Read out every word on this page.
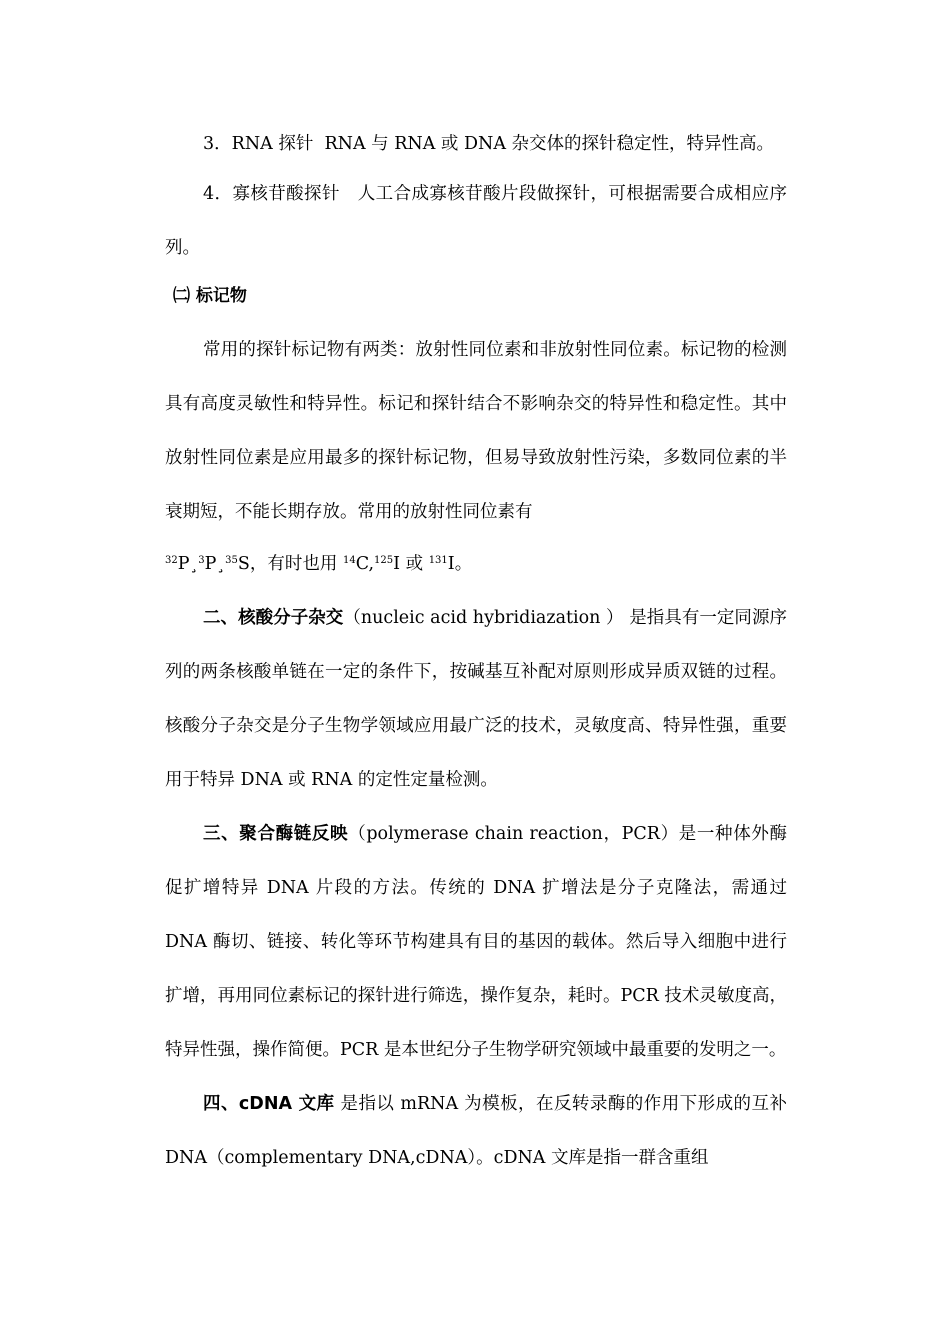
3．RNA 探针 RNA 与 RNA 或 DNA 杂交体的探针稳定性，特异性高。

4．寡核苷酸探针 人工合成寡核苷酸片段做探针，可根据需要合成相应序列。

㈡ 标记物

常用的探针标记物有两类：放射性同位素和非放射性同位素。标记物的检测具有高度灵敏性和特异性。标记和探针结合不影响杂交的特异性和稳定性。其中放射性同位素是应用最多的探针标记物，但易导致放射性污染，多数同位素的半衰期短，不能长期存放。常用的放射性同位素有

$^{32}$P¸$^3$P¸$^{35}$S，有时也用 $^{14}$C,$^{125}$I 或 $^{131}$I。

二、核酸分子杂交（nucleic acid hybridiazation ） 是指具有一定同源序列的两条核酸单链在一定的条件下，按碱基互补配对原则形成异质双链的过程。核酸分子杂交是分子生物学领域应用最广泛的技术，灵敏度高、特异性强，重要用于特异 DNA 或 RNA 的定性定量检测。

三、聚合酶链反映（polymerase chain reaction，PCR）是一种体外酶促扩增特异 DNA 片段的方法。传统的 DNA 扩增法是分子克隆法，需通过 DNA 酶切、链接、转化等环节构建具有目的基因的载体。然后导入细胞中进行扩增，再用同位素标记的探针进行筛选，操作复杂，耗时。PCR 技术灵敏度高，特异性强，操作简便。PCR 是本世纪分子生物学研究领域中最重要的发明之一。

四、cDNA 文库 是指以 mRNA 为模板，在反转录酶的作用下形成的互补 DNA（complementary DNA,cDNA）。cDNA 文库是指一群含重组
